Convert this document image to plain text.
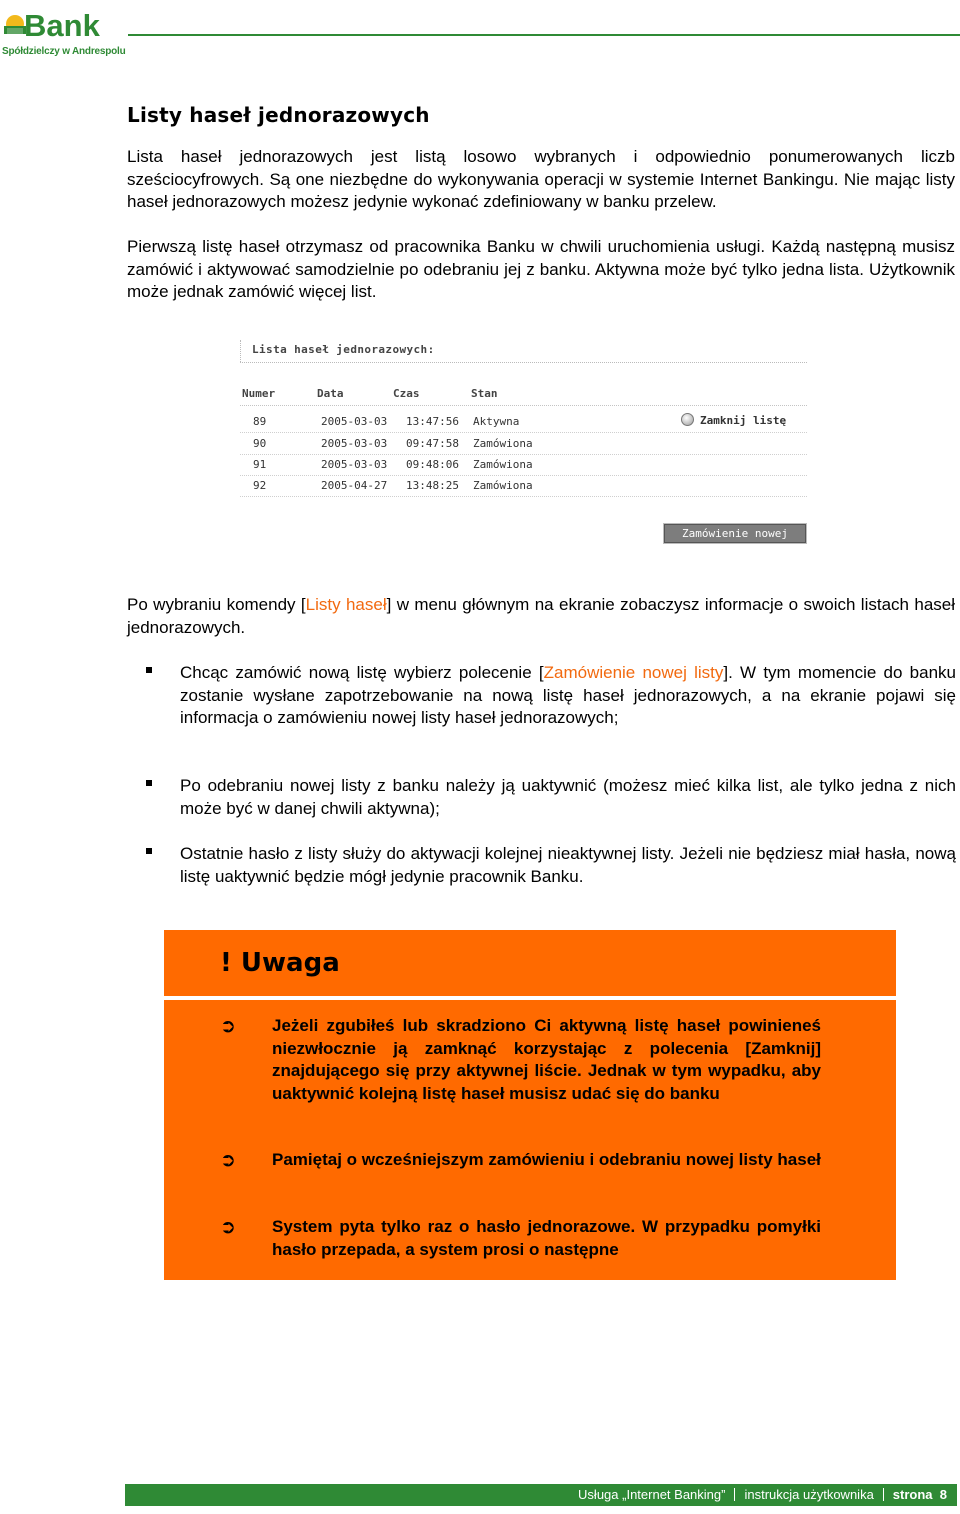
Bank
Spółdzielczy w Andrespolu
Listy haseł jednorazowych

Lista haseł jednorazowych jest listą losowo wybranych i odpowiednio ponumerowanych liczb sześciocyfrowych. Są one niezbędne do wykonywania operacji w systemie Internet Bankingu. Nie mając listy haseł jednorazowych możesz jedynie wykonać zdefiniowany w banku przelew.

Pierwszą listę haseł otrzymasz od pracownika Banku w chwili uruchomienia usługi. Każdą następną musisz zamówić i aktywować samodzielnie po odebraniu jej z banku. Aktywna może być tylko jedna lista. Użytkownik może jednak zamówić więcej list.

Lista haseł jednorazowych:
Numer	Data	Czas	Stan
89	2005-03-03 13:47:56 Aktywna	Zamknij listę
90	2005-03-03 09:47:58 Zamówiona
91	2005-03-03 09:48:06 Zamówiona
92	2005-04-27 13:48:25 Zamówiona
Zamówienie nowej listy

Po wybraniu komendy [Listy haseł] w menu głównym na ekranie zobaczysz informacje o swoich listach haseł jednorazowych.

Chcąc zamówić nową listę wybierz polecenie [Zamówienie nowej listy]. W tym momencie do banku zostanie wysłane zapotrzebowanie na nową listę haseł jednorazowych, a na ekranie pojawi się informacja o zamówieniu nowej listy haseł jednorazowych;

Po odebraniu nowej listy z banku należy ją uaktywnić (możesz mieć kilka list, ale tylko jedna z nich może być w danej chwili aktywna);

Ostatnie hasło z listy służy do aktywacji kolejnej nieaktywnej listy. Jeżeli nie będziesz miał hasła, nową listę uaktywnić będzie mógł jedynie pracownik Banku.

! Uwaga
➲ Jeżeli zgubiłeś lub skradziono Ci aktywną listę haseł powinieneś niezwłocznie ją zamknąć korzystając z polecenia [Zamknij] znajdującego się przy aktywnej liście. Jednak w tym wypadku, aby uaktywnić kolejną listę haseł musisz udać się do banku

➲ Pamiętaj o wcześniejszym zamówieniu i odebraniu nowej listy haseł

➲ System pyta tylko raz o hasło jednorazowe. W przypadku pomyłki hasło przepada, a system prosi o następne

Usługa „Internet Banking” instrukcja użytkownika strona 8
